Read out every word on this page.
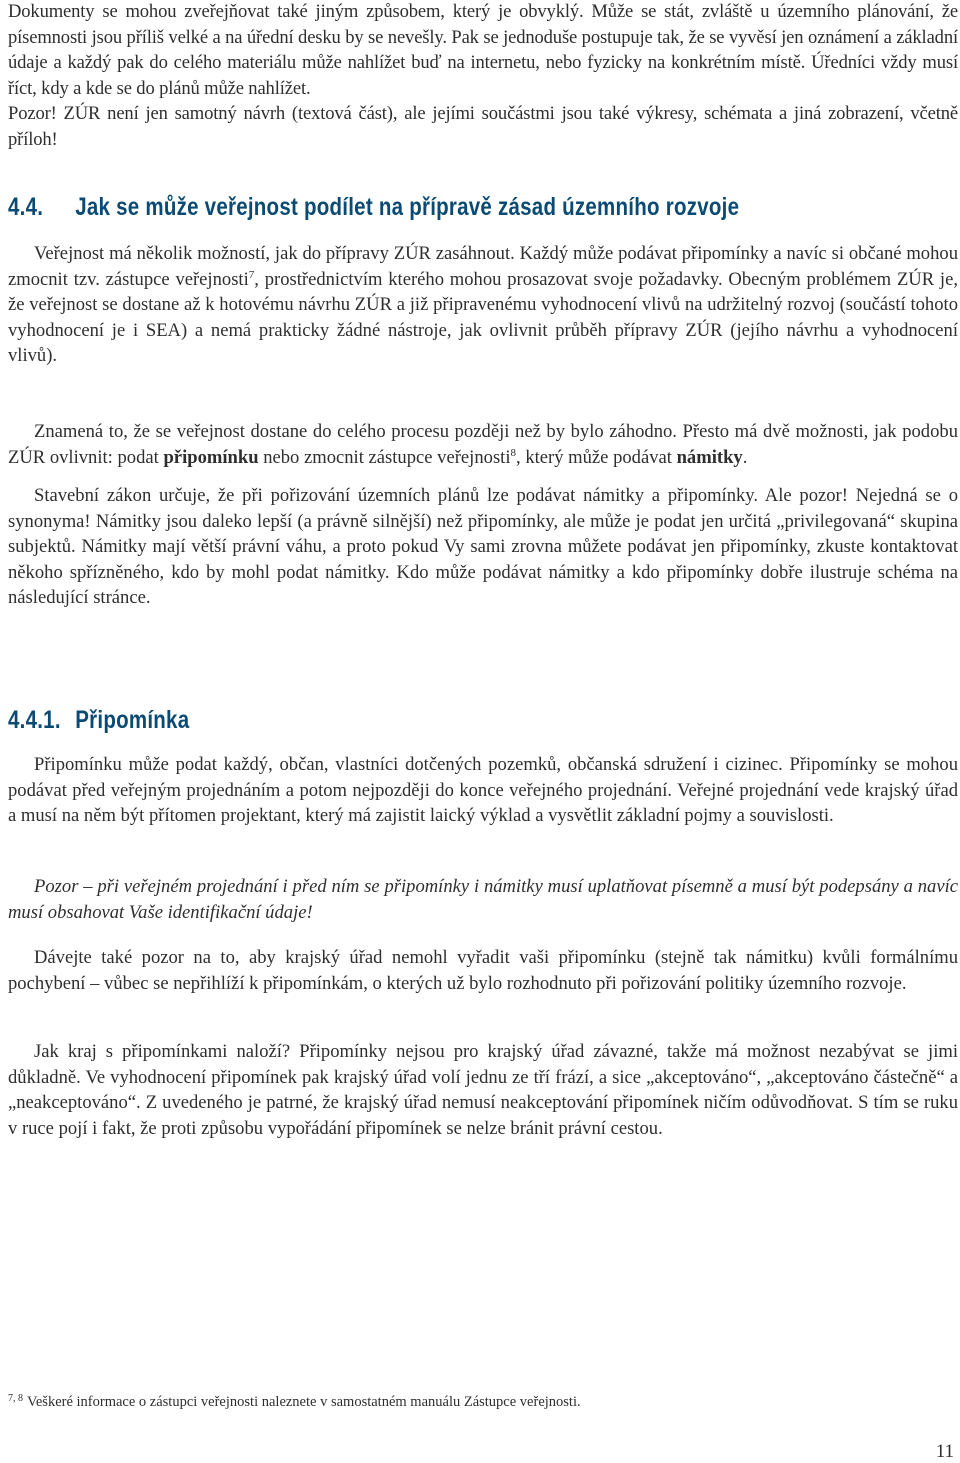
Dokumenty se mohou zveřejňovat také jiným způsobem, který je obvyklý. Může se stát, zvláště u územního plánování, že písemnosti jsou příliš velké a na úřední desku by se nevešly. Pak se jednoduše postupuje tak, že se vyvěsí jen oznámení a základní údaje a každý pak do celého materiálu může nahlížet buď na internetu, nebo fyzicky na konkrétním místě. Úředníci vždy musí říct, kdy a kde se do plánů může nahlížet.
Pozor! ZÚR není jen samotný návrh (textová část), ale jejími součástmi jsou také výkresy, schémata a jiná zobrazení, včetně příloh!

4.4. Jak se může veřejnost podílet na přípravě zásad územního rozvoje

Veřejnost má několik možností, jak do přípravy ZÚR zasáhnout. Každý může podávat připomínky a navíc si občané mohou zmocnit tzv. zástupce veřejnosti$^7$, prostřednictvím kterého mohou prosazovat svoje požadavky. Obecným problémem ZÚR je, že veřejnost se dostane až k hotovému návrhu ZÚR a již připravenému vyhodnocení vlivů na udržitelný rozvoj (součástí tohoto vyhodnocení je i SEA) a nemá prakticky žádné nástroje, jak ovlivnit průběh přípravy ZÚR (jejího návrhu a vyhodnocení vlivů).

Znamená to, že se veřejnost dostane do celého procesu později než by bylo záhodno. Přesto má dvě možnosti, jak podobu ZÚR ovlivnit: podat připomínku nebo zmocnit zástupce veřejnosti$^8$, který může podávat námitky.

Stavební zákon určuje, že při pořizování územních plánů lze podávat námitky a připomínky. Ale pozor! Nejedná se o synonyma! Námitky jsou daleko lepší (a právně silnější) než připomínky, ale může je podat jen určitá „privilegovaná“ skupina subjektů. Námitky mají větší právní váhu, a proto pokud Vy sami zrovna můžete podávat jen připomínky, zkuste kontaktovat někoho spřízněného, kdo by mohl podat námitky. Kdo může podávat námitky a kdo připomínky dobře ilustruje schéma na následující stránce.

4.4.1. Připomínka

Připomínku může podat každý, občan, vlastníci dotčených pozemků, občanská sdružení i cizinec. Připomínky se mohou podávat před veřejným projednáním a potom nejpozději do konce veřejného projednání. Veřejné projednání vede krajský úřad a musí na něm být přítomen projektant, který má zajistit laický výklad a vysvětlit základní pojmy a souvislosti.

Pozor – při veřejném projednání i před ním se připomínky i námitky musí uplatňovat písemně a musí být podepsány a navíc musí obsahovat Vaše identifikační údaje!

Dávejte také pozor na to, aby krajský úřad nemohl vyřadit vaši připomínku (stejně tak námitku) kvůli formálnímu pochybení – vůbec se nepřihlíží k připomínkám, o kterých už bylo rozhodnuto při pořizování politiky územního rozvoje.

Jak kraj s připomínkami naloží? Připomínky nejsou pro krajský úřad závazné, takže má možnost nezabývat se jimi důkladně. Ve vyhodnocení připomínek pak krajský úřad volí jednu ze tří frází, a sice „akceptováno“, „akceptováno částečně“ a „neakceptováno“. Z uvedeného je patrné, že krajský úřad nemusí neakceptování připomínek ničím odůvodňovat. S tím se ruku v ruce pojí i fakt, že proti způsobu vypořádání připomínek se nelze bránit právní cestou.

$^{7, 8}$ Veškeré informace o zástupci veřejnosti naleznete v samostatném manuálu Zástupce veřejnosti.
11
